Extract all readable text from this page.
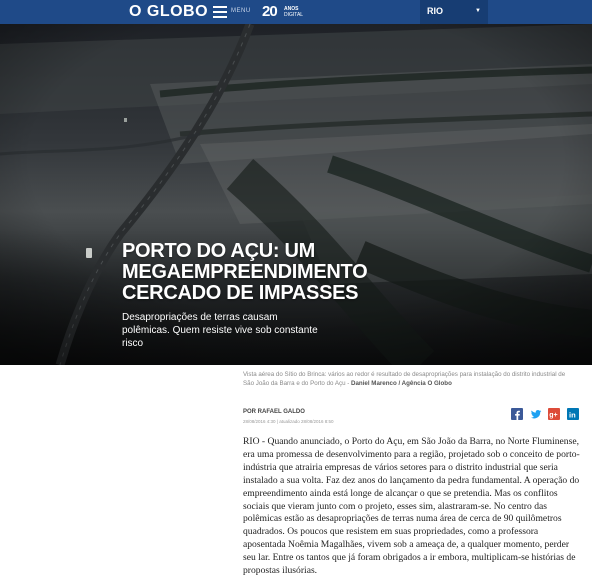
O GLOBO	MENU 20 ANOS
DIGITAL	RIO	▼
PORTO DO AÇU: UM MEGAEMPREENDIMENTO CERCADO DE IMPASSES

Desapropriações de terras causam polêmicas. Quem resiste vive sob constante risco

Vista aérea do Sítio do Brinca: vários ao redor é resultado de desapropriações para instalação do distrito industrial de São João da Barra e do Porto do Açu - Daniel Marenco / Agência O Globo
POR RAFAEL GALDO
28/08/2016 4:30 | atualizado 28/08/2016 8:50
g+ in
RIO - Quando anunciado, o Porto do Açu, em São João da Barra, no Norte Fluminense, era uma promessa de desenvolvimento para a região, projetado sob o conceito de porto-indústria que atrairia empresas de vários setores para o distrito industrial que seria instalado a sua volta. Faz dez anos do lançamento da pedra fundamental. A operação do empreendimento ainda está longe de alcançar o que se pretendia. Mas os conflitos sociais que vieram junto com o projeto, esses sim, alastraram-se. No centro das polêmicas estão as desapropriações de terras numa área de cerca de 90 quilômetros quadrados. Os poucos que resistem em suas propriedades, como a professora aposentada Noêmia Magalhães, vivem sob a ameaça de, a qualquer momento, perder seu lar. Entre os tantos que já foram obrigados a ir embora, multiplicam-se histórias de propostas ilusórias.
